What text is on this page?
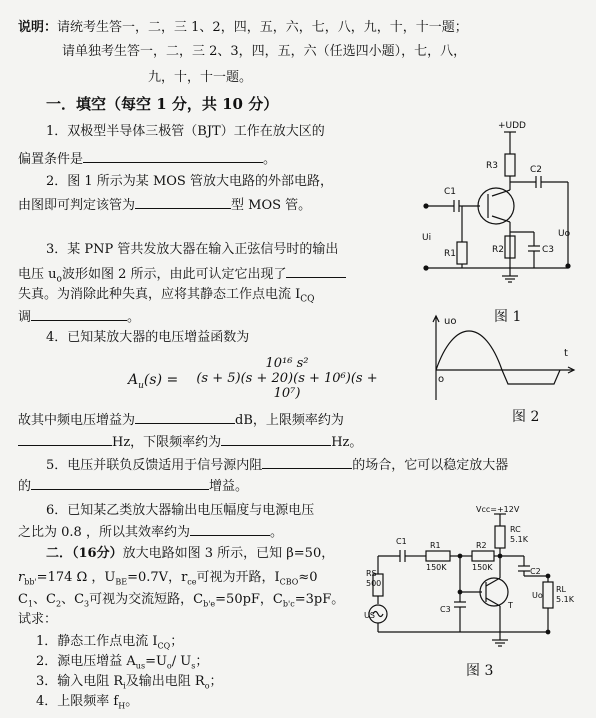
说明：请统考生答一，二，三 1、2，四，五，六，七，八，九，十，十一题；
请单独考生答一，二，三 2、3，四，五，六（任选四小题），七，八，
九，十，十一题。
一．填空（每空 1 分，共 10 分）
1．双极型半导体三极管（BJT）工作在放大区的
偏置条件是	。
2．图 1 所示为某 MOS 管放大电路的外部电路，
由图即可判定该管为	型 MOS 管。
3．某 PNP 管共发放大器在输入正弦信号时的输出
电压 $u_o$波形如图 2 所示，由此可认定它出现了
失真。为消除此种失真，应将其静态工作点电流 $I_{CQ}$
调	。
4．已知某放大器的电压增益函数为
$A_u(s)$ =
10¹⁶ s²
(s + 5)(s + 20)(s + 10⁶)(s + 10⁷)
故其中频电压增益为	dB，上限频率约为
Hz，下限频率约为	Hz。
5．电压并联负反馈适用于信号源内阻	的场合，它可以稳定放大器
的	增益。
6．已知某乙类放大器输出电压幅度与电源电压
之比为 0.8 ，所以其效率约为	。
二．（16分）放大电路如图 3 所示，已知 β=50，
$r_{bb'}=174$ Ω ，$U_{BE}=0.7V$，$r_{ce}$可视为开路，$I_{CBO}\approx 0$
$C_1$、$C_2$、$C_3$可视为交流短路，$C_{b'e}=50pF$，$C_{b'c}=3pF$。
试求：
1．静态工作点电流 $I_{CQ}$；
2．源电压增益 $A_{us}=U_o/$ $U_s$；
3．输入电阻 $R_i$及输出电阻 $R_o$；
4．上限频率 $f_H$。
+UDD
R3	C2
C1
Ui	Uo
R1	R2	C3
图 1
uo
t
o
图 2
Vcc=+12V
RC
5.1K
C1	R1
150K
R2
150K	C2
RS
500
C3	T
US
Uo
RL
5.1K
图 3
